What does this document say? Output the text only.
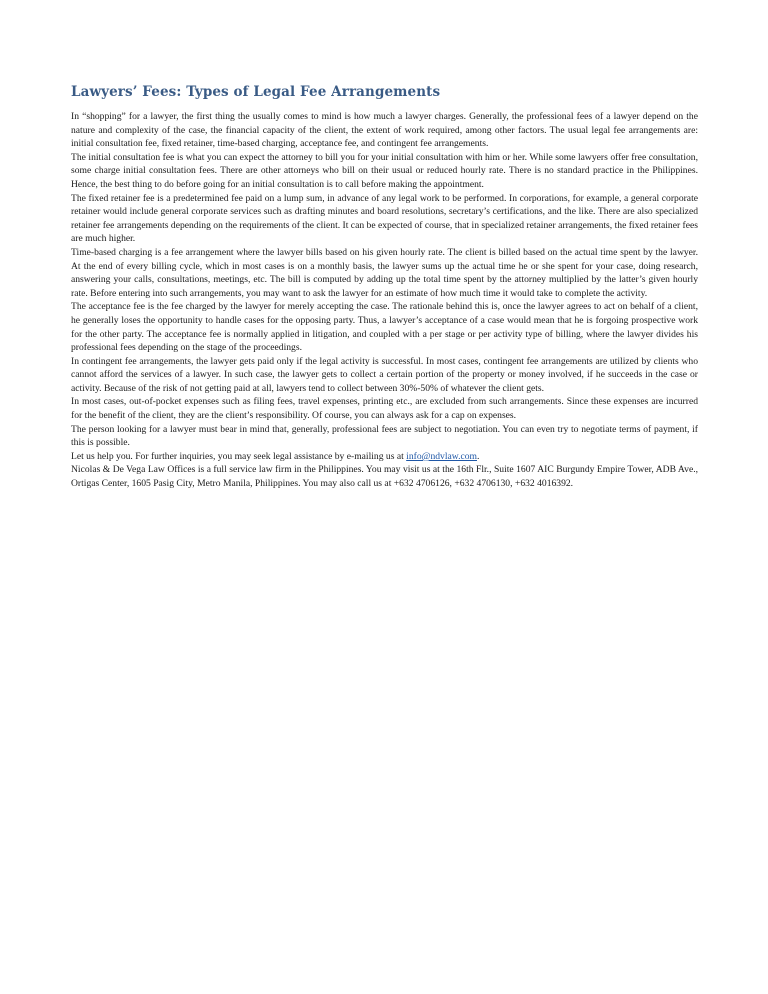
Lawyers’ Fees: Types of Legal Fee Arrangements

In “shopping” for a lawyer, the first thing the usually comes to mind is how much a lawyer charges. Generally, the professional fees of a lawyer depend on the nature and complexity of the case, the financial capacity of the client, the extent of work required, among other factors. The usual legal fee arrangements are: initial consultation fee, fixed retainer, time-based charging, acceptance fee, and contingent fee arrangements.

The initial consultation fee is what you can expect the attorney to bill you for your initial consultation with him or her. While some lawyers offer free consultation, some charge initial consultation fees. There are other attorneys who bill on their usual or reduced hourly rate. There is no standard practice in the Philippines. Hence, the best thing to do before going for an initial consultation is to call before making the appointment.

The fixed retainer fee is a predetermined fee paid on a lump sum, in advance of any legal work to be performed. In corporations, for example, a general corporate retainer would include general corporate services such as drafting minutes and board resolutions, secretary’s certifications, and the like. There are also specialized retainer fee arrangements depending on the requirements of the client. It can be expected of course, that in specialized retainer arrangements, the fixed retainer fees are much higher.

Time-based charging is a fee arrangement where the lawyer bills based on his given hourly rate. The client is billed based on the actual time spent by the lawyer. At the end of every billing cycle, which in most cases is on a monthly basis, the lawyer sums up the actual time he or she spent for your case, doing research, answering your calls, consultations, meetings, etc. The bill is computed by adding up the total time spent by the attorney multiplied by the latter’s given hourly rate. Before entering into such arrangements, you may want to ask the lawyer for an estimate of how much time it would take to complete the activity.

The acceptance fee is the fee charged by the lawyer for merely accepting the case. The rationale behind this is, once the lawyer agrees to act on behalf of a client, he generally loses the opportunity to handle cases for the opposing party. Thus, a lawyer’s acceptance of a case would mean that he is forgoing prospective work for the other party. The acceptance fee is normally applied in litigation, and coupled with a per stage or per activity type of billing, where the lawyer divides his professional fees depending on the stage of the proceedings.

In contingent fee arrangements, the lawyer gets paid only if the legal activity is successful. In most cases, contingent fee arrangements are utilized by clients who cannot afford the services of a lawyer. In such case, the lawyer gets to collect a certain portion of the property or money involved, if he succeeds in the case or activity. Because of the risk of not getting paid at all, lawyers tend to collect between 30%-50% of whatever the client gets.

In most cases, out-of-pocket expenses such as filing fees, travel expenses, printing etc., are excluded from such arrangements. Since these expenses are incurred for the benefit of the client, they are the client’s responsibility. Of course, you can always ask for a cap on expenses.

The person looking for a lawyer must bear in mind that, generally, professional fees are subject to negotiation. You can even try to negotiate terms of payment, if this is possible.

Let us help you. For further inquiries, you may seek legal assistance by e-mailing us at info@ndvlaw.com.

Nicolas & De Vega Law Offices is a full service law firm in the Philippines. You may visit us at the 16th Flr., Suite 1607 AIC Burgundy Empire Tower, ADB Ave., Ortigas Center, 1605 Pasig City, Metro Manila, Philippines. You may also call us at +632 4706126, +632 4706130, +632 4016392.
